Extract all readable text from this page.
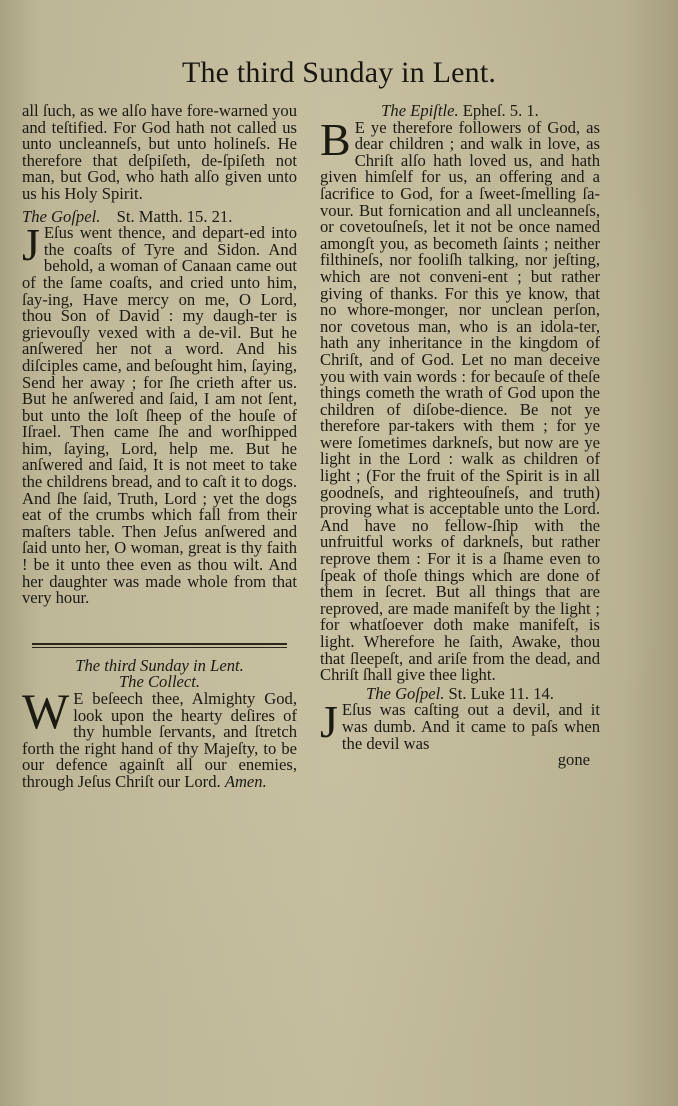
The third Sunday in Lent.

all ſuch, as we alſo have fore-warned you and teſtified. For God hath not called us unto uncleanneſs, but unto holineſs. He therefore that deſpiſeth, de-ſpiſeth not man, but God, who hath alſo given unto us his Holy Spirit.

The Goſpel. St. Matth. 15. 21.

J Eſus went thence, and depart-ed into the coaſts of Tyre and Sidon. And behold, a woman of Canaan came out of the ſame coaſts, and cried unto him, ſay-ing, Have mercy on me, O Lord, thou Son of David : my daugh-ter is grievouſly vexed with a de-vil. But he anſwered her not a word. And his diſciples came, and beſought him, ſaying, Send her away ; for ſhe crieth after us. But he anſwered and ſaid, I am not ſent, but unto the loſt ſheep of the houſe of Iſrael. Then came ſhe and worſhipped him, ſaying, Lord, help me. But he anſwered and ſaid, It is not meet to take the childrens bread, and to caſt it to dogs. And ſhe ſaid, Truth, Lord ; yet the dogs eat of the crumbs which fall from their maſters table. Then Jeſus anſwered and ſaid unto her, O woman, great is thy faith ! be it unto thee even as thou wilt. And her daughter was made whole from that very hour.

The third Sunday in Lent.

The Collect.

W E beſeech thee, Almighty God, look upon the hearty deſires of thy humble ſervants, and ſtretch forth the right hand of thy Majeſty, to be our defence againſt all our enemies, through Jeſus Chriſt our Lord. Amen.

The Epiſtle. Epheſ. 5. 1.

B E ye therefore followers of God, as dear children ; and walk in love, as Chriſt alſo hath loved us, and hath given himſelf for us, an offering and a ſacrifice to God, for a ſweet-ſmelling ſa-vour. But fornication and all uncleanneſs, or covetouſneſs, let it not be once named amongſt you, as becometh ſaints ; neither filthineſs, nor fooliſh talking, nor jeſting, which are not conveni-ent ; but rather giving of thanks. For this ye know, that no whore-monger, nor unclean perſon, nor covetous man, who is an idola-ter, hath any inheritance in the kingdom of Chriſt, and of God. Let no man deceive you with vain words : for becauſe of theſe things cometh the wrath of God upon the children of diſobe-dience. Be not ye therefore par-takers with them ; for ye were ſometimes darkneſs, but now are ye light in the Lord : walk as children of light ; (For the fruit of the Spirit is in all goodneſs, and righteouſneſs, and truth) proving what is acceptable unto the Lord. And have no fellow-ſhip with the unfruitful works of darkneſs, but rather reprove them : For it is a ſhame even to ſpeak of thoſe things which are done of them in ſecret. But all things that are reproved, are made manifeſt by the light ; for whatſoever doth make manifeſt, is light. Wherefore he ſaith, Awake, thou that ſleepeſt, and ariſe from the dead, and Chriſt ſhall give thee light.

The Goſpel. St. Luke 11. 14.

J Eſus was caſting out a devil, and it was dumb. And it came to paſs when the devil was

gone
